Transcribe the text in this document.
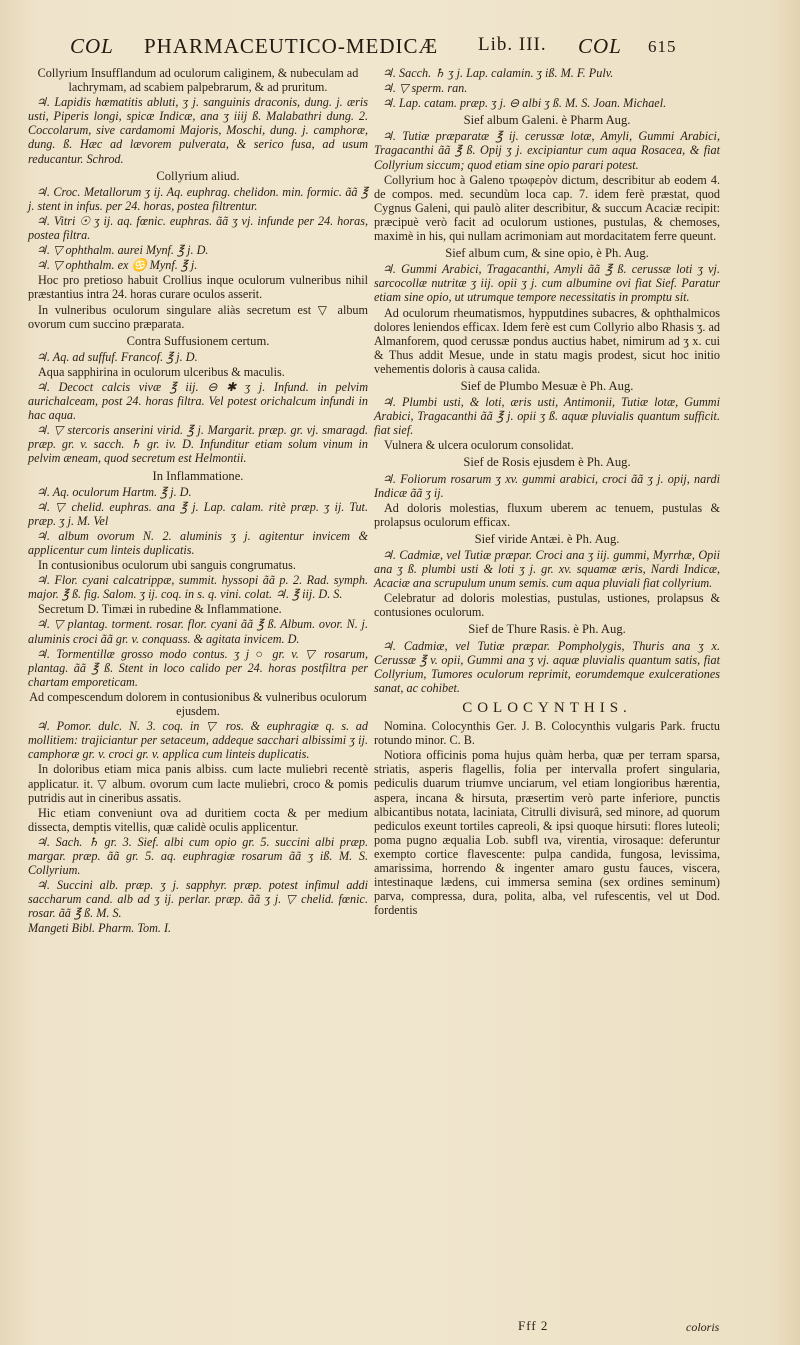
COL PHARMACEUTICO-MEDICÆ Lib. III. COL 615

Collyrium Insufflandum ad oculorum caliginem, & nubeculam ad lachrymam, ad scabiem palpebrarum, & ad pruritum.

♃. Lapidis hæmatitis abluti, ʒ j. sanguinis draconis, dung. j. æris usti, Piperis longi, spicæ Indicæ, ana ʒ iiij ß. Malabathri dung. 2. Coccolarum, sive cardamomi Majoris, Moschi, dung. j. camphoræ, dung. ß. Hæc ad lævorem pulverata, & serico fusa, ad usum reducantur. Schrod.

Collyrium aliud.

♃. Croc. Metallorum ʒ ij. Aq. euphrag. chelidon. min. formic. ãã ℥ j. stent in infus. per 24. horas, postea filtrentur.

♃. Vitri ☉ ʒ ij. aq. fœnic. euphras. ãã ʒ vj. infunde per 24. horas, postea filtra.

♃. ▽ ophthalm. aurei Mynf. ℥ j. D.

♃. ▽ ophthalm. ex ♋ Mynf. ℥ j.

Hoc pro pretioso habuit Crollius inque oculorum vulneribus nihil præstantius intra 24. horas curare oculos asserit.

In vulneribus oculorum singulare aliàs secretum est ▽ album ovorum cum succino præparata.

Contra Suffusionem certum.

♃. Aq. ad suffuf. Francof. ℥ j. D.

Aqua sapphirina in oculorum ulceribus & maculis.

♃. Decoct calcis vivæ ℥ iij. ⊖ ✱ ʒ j. Infund. in pelvim aurichalceam, post 24. horas filtra. Vel potest orichalcum infundi in hac aqua.

♃. ▽ stercoris anserini virid. ℥ j. Margarit. præp. gr. vj. smaragd. præp. gr. v. sacch. ♄ gr. iv. D. Infunditur etiam solum vinum in pelvim æneam, quod secretum est Helmontii.

In Inflammatione.

♃. Aq. oculorum Hartm. ℥ j. D.

♃. ▽ chelid. euphras. ana ℥ j. Lap. calam. ritè præp. ʒ ij. Tut. præp. ʒ j. M. Vel

♃. album ovorum N. 2. aluminis ʒ j. agitentur invicem & applicentur cum linteis duplicatis.

In contusionibus oculorum ubi sanguis congrumatus.

♃. Flor. cyani calcatrippæ, summit. hyssopi ãã p. 2. Rad. symph. major. ℥ ß. fig. Salom. ʒ ij. coq. in s. q. vini. colat. ♃. ℥ iij. D. S.

Secretum D. Timæi in rubedine & Inflammatione.

♃. ▽ plantag. torment. rosar. flor. cyani ãã ℥ ß. Album. ovor. N. j. aluminis croci ãã gr. v. conquass. & agitata invicem. D.

♃. Tormentillæ grosso modo contus. ʒ j ○ gr. v. ▽ rosarum, plantag. ãã ℥ ß. Stent in loco calido per 24. horas postfiltra per chartam emporeticam.

Ad compescendum dolorem in contusionibus & vulneribus oculorum ejusdem.

♃. Pomor. dulc. N. 3. coq. in ▽ ros. & euphragiæ q. s. ad mollitiem: trajiciantur per setaceum, addeque sacchari albissimi ʒ ij. camphoræ gr. v. croci gr. v. applica cum linteis duplicatis.

In doloribus etiam mica panis albiss. cum lacte muliebri recentè applicatur. it. ▽ album. ovorum cum lacte muliebri, croco & pomis putridis aut in cineribus assatis.

Hic etiam conveniunt ova ad duritiem cocta & per medium dissecta, demptis vitellis, quæ calidè oculis applicentur.

♃. Sach. ♄ gr. 3. Sief. albi cum opio gr. 5. succini albi præp. margar. præp. ãã gr. 5. aq. euphragiæ rosarum ãã ʒ iß. M. S. Collyrium.

♃. Succini alb. præp. ʒ j. sapphyr. præp. potest infimul addi saccharum cand. alb ad ʒ ij. perlar. præp. ãã ʒ j. ▽ chelid. fœnic. rosar. ãã ℥ ß. M. S.

Mangeti Bibl. Pharm. Tom. I.

♃. Sacch. ♄ ʒ j. Lap. calamin. ʒ iß. M. F. Pulv.

♃. ▽ sperm. ran.

♃. Lap. catam. præp. ʒ j. ⊖ albi ʒ ß. M. S. Joan. Michael.

Sief album Galeni. è Pharm Aug.

♃. Tutiæ præparatæ ℥ ij. cerussæ lotæ, Amyli, Gummi Arabici, Tragacanthi ãã ℥ ß. Opij ʒ j. excipiantur cum aqua Rosacea, & fiat Collyrium siccum; quod etiam sine opio parari potest.

Collyrium hoc à Galeno τρωφερὸν dictum, describitur ab eodem 4. de compos. med. secundùm loca cap. 7. idem ferè præstat, quod Cygnus Galeni, qui paulò aliter describitur, & succum Acaciæ recipit: præcipuè verò facit ad oculorum ustiones, pustulas, & chemoses, maximè in his, qui nullam acrimoniam aut mordacitatem ferre queunt.

Sief album cum, & sine opio, è Ph. Aug.

♃. Gummi Arabici, Tragacanthi, Amyli ãã ℥ ß. cerussæ loti ʒ vj. sarcocollæ nutritæ ʒ iij. opii ʒ j. cum albumine ovi fiat Sief. Paratur etiam sine opio, ut utrumque tempore necessitatis in promptu sit.

Ad oculorum rheumatismos, hypputdines subacres, & ophthalmicos dolores leniendos efficax. Idem ferè est cum Collyrio albo Rhasis ʒ. ad Almanforem, quod cerussæ pondus auctius habet, nimirum ad ʒ x. cui & Thus addit Mesue, unde in statu magis prodest, sicut hoc initio vehementis doloris à causa calida.

Sief de Plumbo Mesuæ è Ph. Aug.

♃. Plumbi usti, & loti, æris usti, Antimonii, Tutiæ lotæ, Gummi Arabici, Tragacanthi ãã ℥ j. opii ʒ ß. aquæ pluvialis quantum sufficit. fiat sief.

Vulnera & ulcera oculorum consolidat.

Sief de Rosis ejusdem è Ph. Aug.

♃. Foliorum rosarum ʒ xv. gummi arabici, croci ãã ʒ j. opij, nardi Indicæ ãã ʒ ij.

Ad doloris molestias, fluxum uberem ac tenuem, pustulas & prolapsus oculorum efficax.

Sief viride Antæi. è Ph. Aug.

♃. Cadmiæ, vel Tutiæ præpar. Croci ana ʒ iij. gummi, Myrrhæ, Opii ana ʒ ß. plumbi usti & loti ʒ j. gr. xv. squamæ æris, Nardi Indicæ, Acaciæ ana scrupulum unum semis. cum aqua pluviali fiat collyrium.

Celebratur ad doloris molestias, pustulas, ustiones, prolapsus & contusiones oculorum.

Sief de Thure Rasis. è Ph. Aug.

♃. Cadmiæ, vel Tutiæ præpar. Pompholygis, Thuris ana ʒ x. Cerussæ ℥ v. opii, Gummi ana ʒ vj. aquæ pluvialis quantum satis, fiat Collyrium, Tumores oculorum reprimit, eorumdemque exulcerationes sanat, ac cohibet.

COLOCYNTHIS.

Nomina. Colocynthis Ger. J. B. Colocynthis vulgaris Park. fructu rotundo minor. C. B.

Notiora officinis poma hujus quàm herba, quæ per terram sparsa, striatis, asperis flagellis, folia per intervalla profert singularia, pediculis duarum triumve unciarum, vel etiam longioribus hærentia, aspera, incana & hirsuta, præsertim verò parte inferiore, punctis albicantibus notata, laciniata, Citrulli divisurâ, sed minore, ad quorum pediculos exeunt tortiles capreoli, & ipsi quoque hirsuti: flores luteoli; poma pugno æqualia Lob. subfl ιva, virentia, virosaque: deferuntur exempto cortice flavescente: pulpa candida, fungosa, levissima, amarissima, horrendo & ingenter amaro gustu fauces, viscera, intestinaque lædens, cui immersa semina (sex ordines seminum) parva, compressa, dura, polita, alba, vel rufescentis, vel ut Dod. fordentis

Fff 2	coloris
